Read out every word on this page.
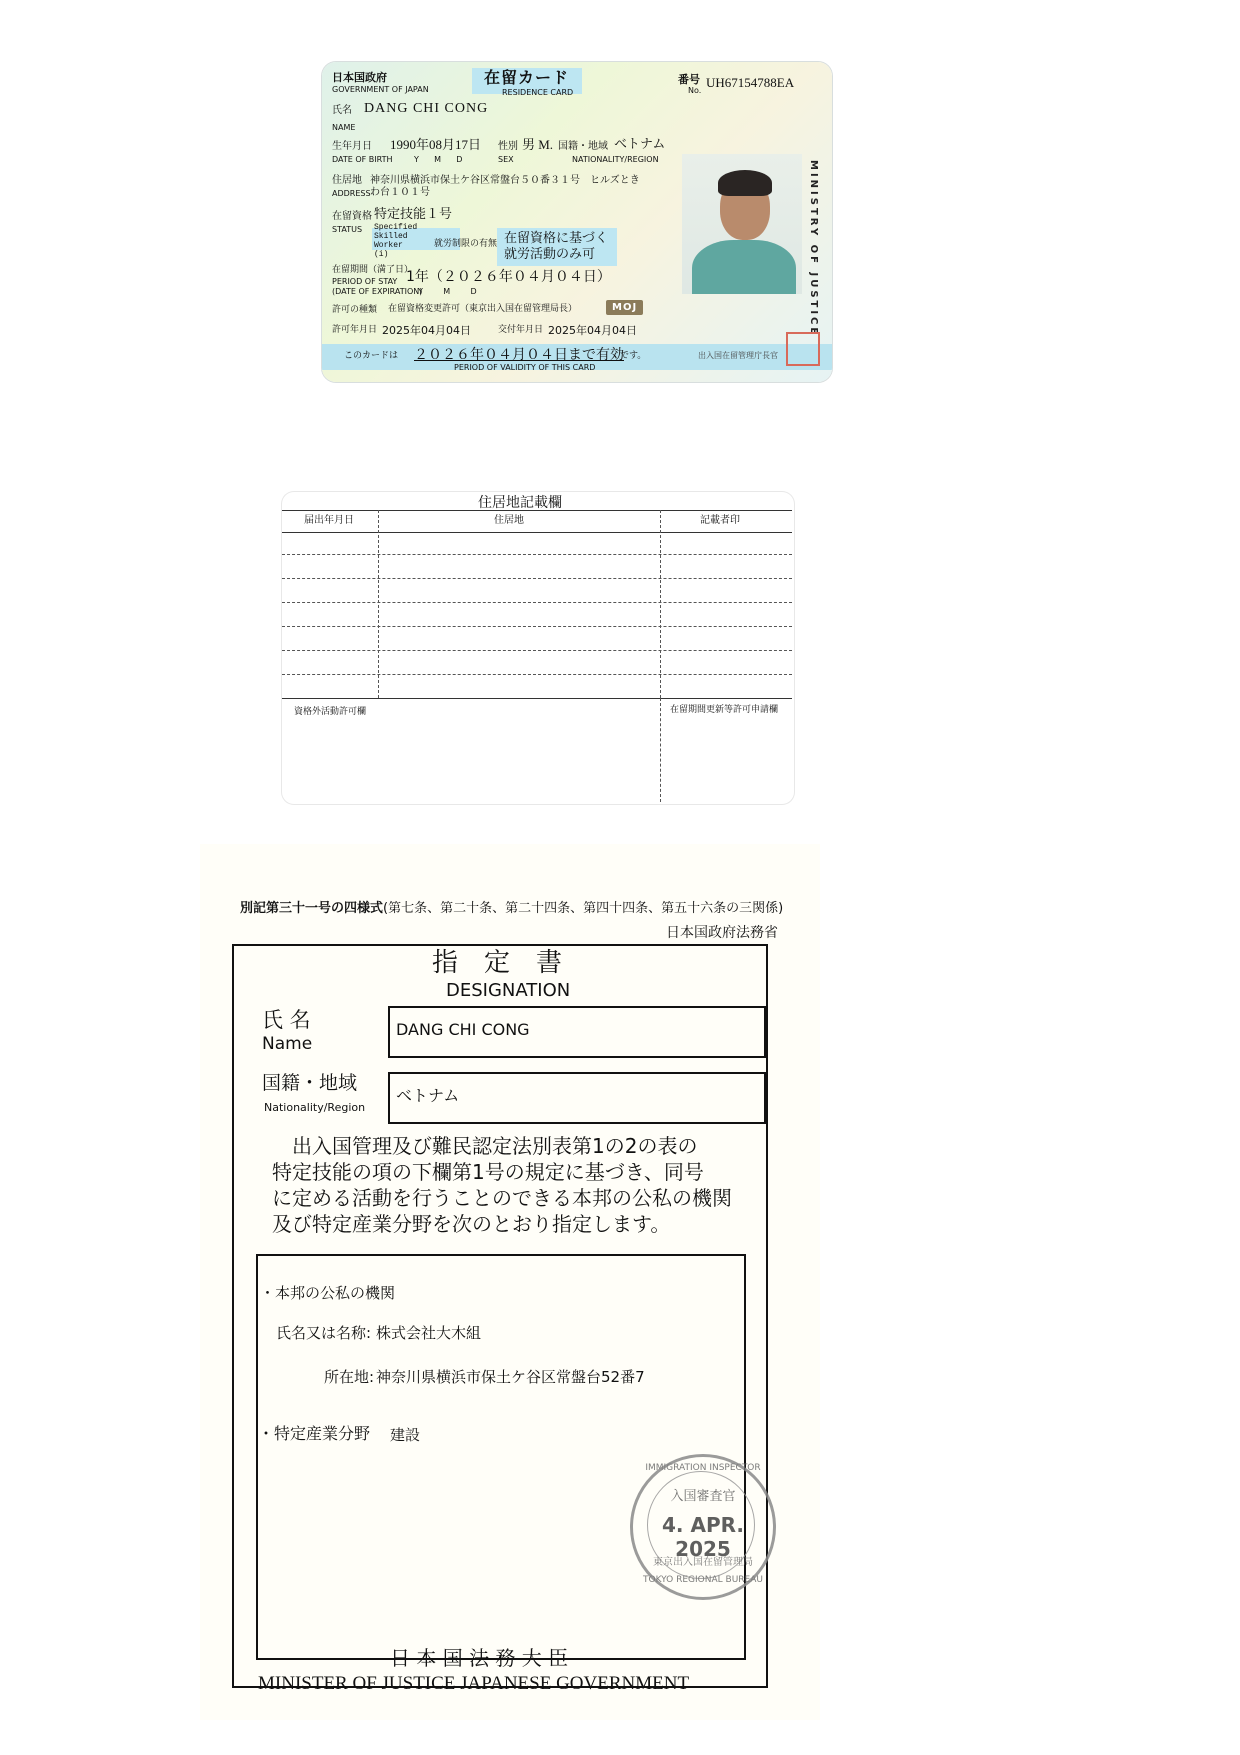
日本国政府
GOVERNMENT OF JAPAN
在留カード
RESIDENCE CARD
番号
No.
UH67154788EA
氏名 DANG CHI CONG
NAME
生年月日 1990年08月17日
DATE OF BIRTH	Y      M      D
性別 男 M.
SEX
国籍・地域 ベトナム
NATIONALITY/REGION
住居地 神奈川県横浜市保土ケ谷区常盤台５０番３１号　ヒルズとき
ADDRESS わ台１０１号
在留資格 特定技能１号
STATUS Specified
Skilled
Worker
(i)
就労制限の有無 在留資格に基づく
就労活動のみ可
在留期間（満了日）
PERIOD OF STAY
(DATE OF EXPIRATION)
1年（２０２６年０４月０４日）
Y        M        D
許可の種類 在留資格変更許可（東京出入国在留管理局長）	MOJ
許可年月日 2025年04月04日	交付年月日 2025年04月04日
このカードは ２０２６年０４月０４日まで有効
です。
PERIOD OF VALIDITY OF THIS CARD
出入国在留管理庁長官
MINISTRY OF JUSTICE
住居地記載欄
届出年月日	住居地	記載者印
資格外活動許可欄	在留期間更新等許可申請欄
別記第三十一号の四様式(第七条、第二十条、第二十四条、第四十四条、第五十六条の三関係)
日本国政府法務省
指　定　書
DESIGNATION
氏 名
Name
DANG CHI CONG
国籍・地域
Nationality/Region
ベトナム
出入国管理及び難民認定法別表第1の2の表の
特定技能の項の下欄第1号の規定に基づき、同号
に定める活動を行うことのできる本邦の公私の機関
及び特定産業分野を次のとおり指定します。
・本邦の公私の機関
氏名又は名称: 株式会社大木組
所在地: 神奈川県横浜市保土ケ谷区常盤台52番7
・特定産業分野 建設
IMMIGRATION INSPECTOR
入国審査官
4. APR. 2025
東京出入国在留管理局
TOKYO REGIONAL BUREAU
日 本 国 法 務 大 臣
MINISTER OF JUSTICE JAPANESE GOVERNMENT
